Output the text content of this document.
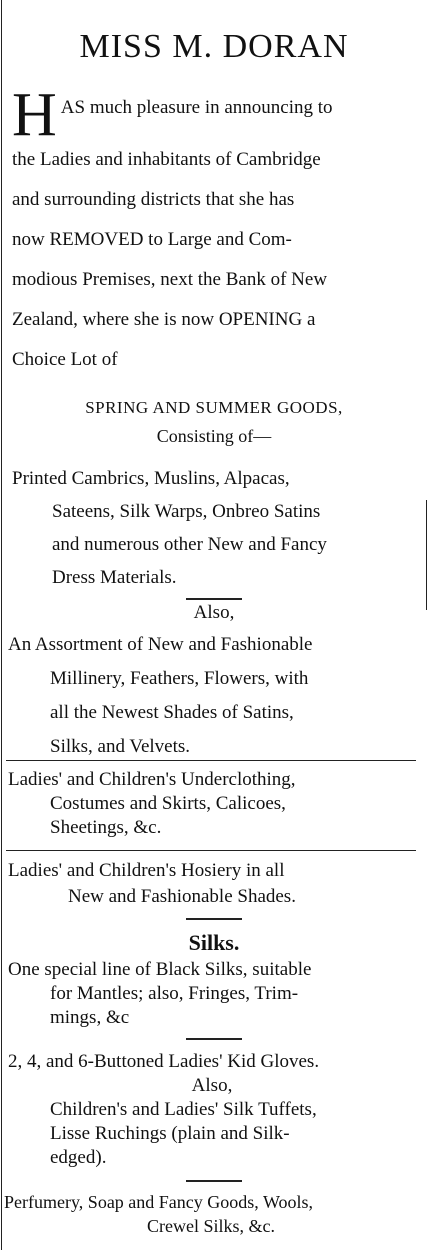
MISS M. DORAN
H AS much pleasure in announcing to

the Ladies and inhabitants of Cambridge

and surrounding districts that she has

now REMOVED to Large and Com-

modious Premises, next the Bank of New

Zealand, where she is now OPENING a

Choice Lot of

SPRING AND SUMMER GOODS,
Consisting of—
Printed Cambrics, Muslins, Alpacas,
Sateens, Silk Warps, Onbreo Satins
and numerous other New and Fancy
Dress Materials.
Also,
An Assortment of New and Fashionable
Millinery, Feathers, Flowers, with
all the Newest Shades of Satins,
Silks, and Velvets.
Ladies' and Children's Underclothing,
Costumes and Skirts, Calicoes,
Sheetings, &c.
Ladies' and Children's Hosiery in all
New and Fashionable Shades.
Silks.
One special line of Black Silks, suitable
for Mantles; also, Fringes, Trim-
mings, &c
2, 4, and 6-Buttoned Ladies' Kid Gloves.
Also,
Children's and Ladies' Silk Tuffets,
Lisse Ruchings (plain and Silk-
edged).
Perfumery, Soap and Fancy Goods, Wools,
Crewel Silks, &c.
